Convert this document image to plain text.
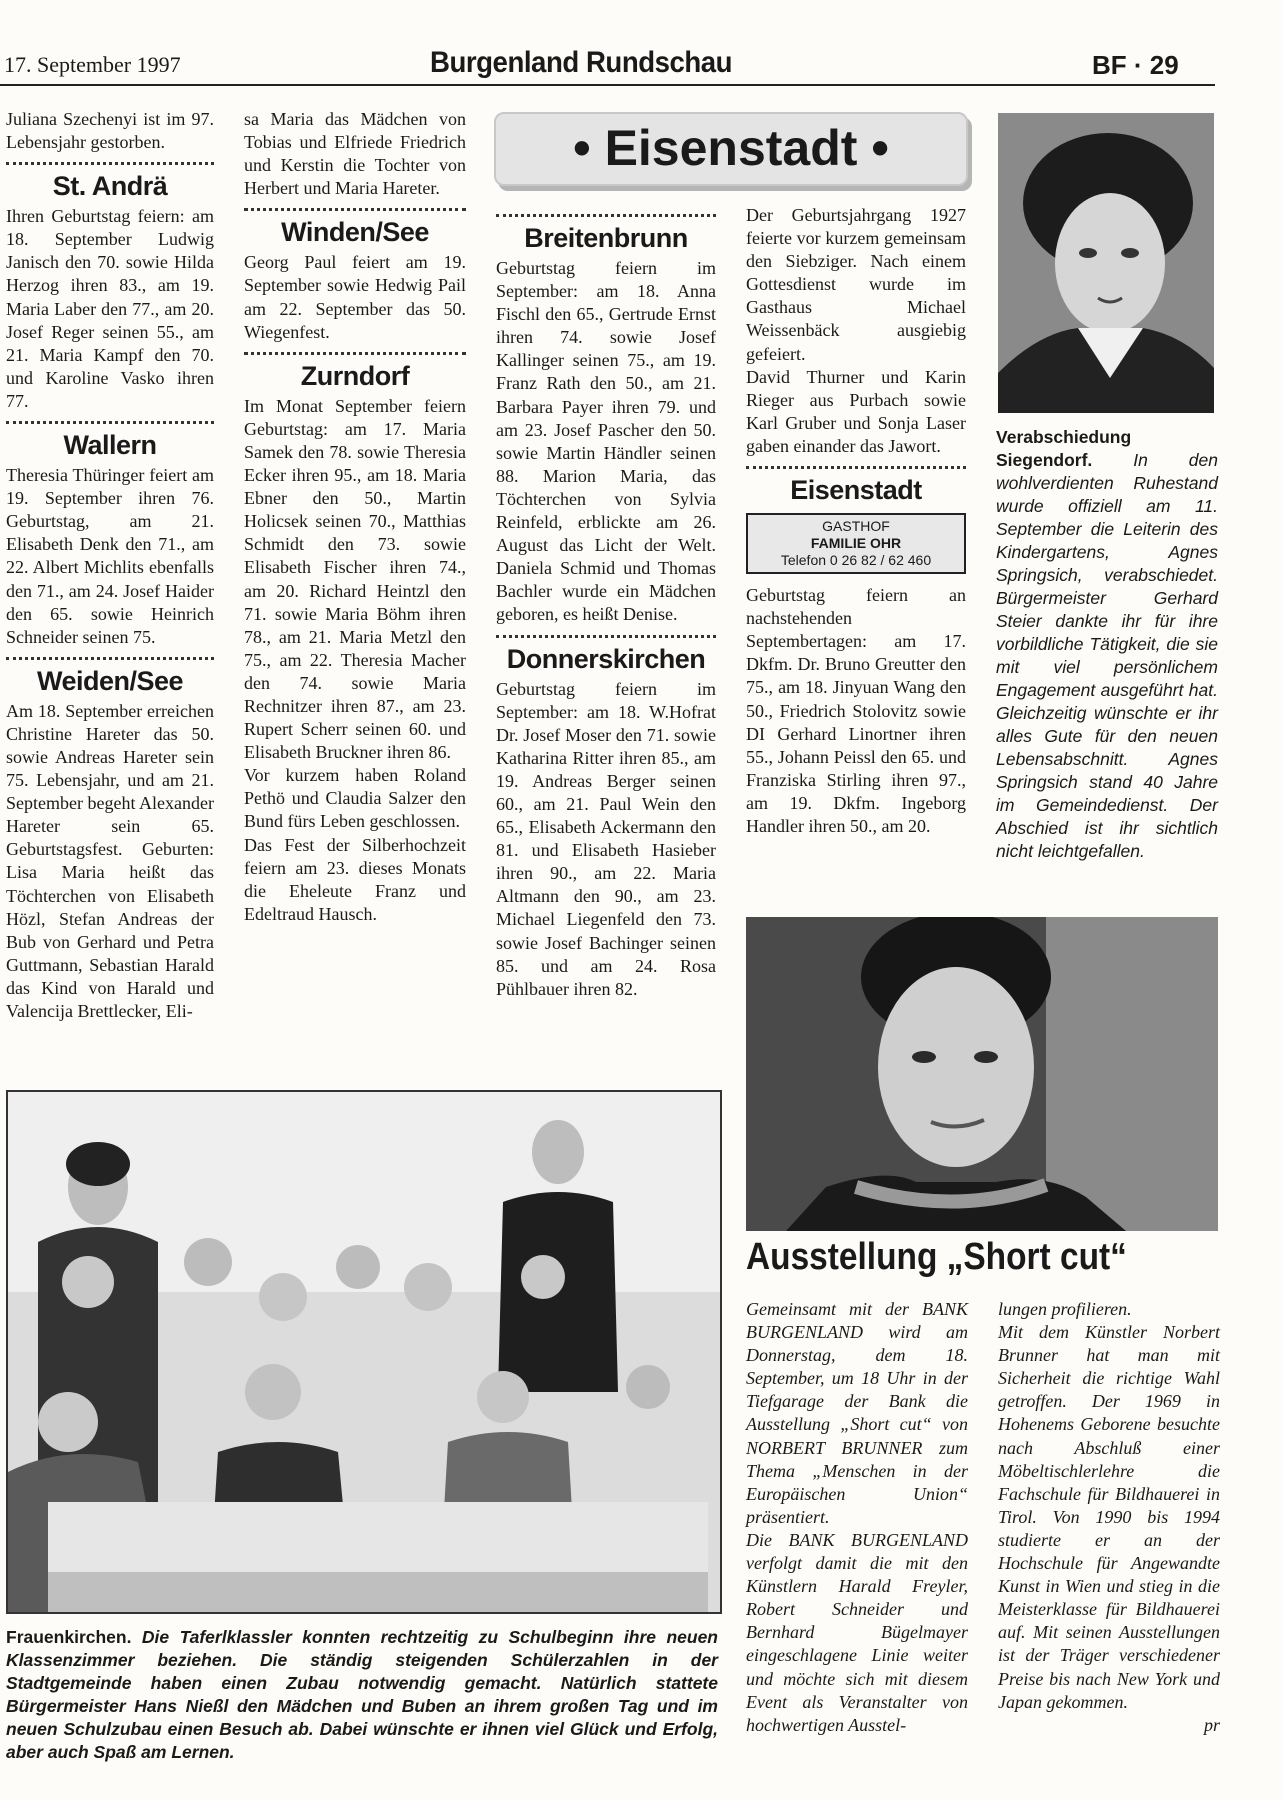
17. September 1997	Burgenland Rundschau	BF · 29
• Eisenstadt •

Juliana Szechenyi ist im 97. Lebensjahr gestorben.

St. Andrä

Ihren Geburtstag feiern: am 18. September Ludwig Janisch den 70. sowie Hilda Herzog ihren 83., am 19. Maria Laber den 77., am 20. Josef Reger seinen 55., am 21. Maria Kampf den 70. und Karoline Vasko ihren 77.

Wallern

Theresia Thüringer feiert am 19. September ihren 76. Geburtstag, am 21. Elisabeth Denk den 71., am 22. Albert Michlits ebenfalls den 71., am 24. Josef Haider den 65. sowie Heinrich Schneider seinen 75.

Weiden/See

Am 18. September erreichen Christine Hareter das 50. sowie Andreas Hareter sein 75. Lebensjahr, und am 21. September begeht Alexander Hareter sein 65. Geburtstagsfest. Geburten: Lisa Maria heißt das Töchterchen von Elisabeth Hözl, Stefan Andreas der Bub von Gerhard und Petra Guttmann, Sebastian Harald das Kind von Harald und Valencija Brettlecker, Eli-

sa Maria das Mädchen von Tobias und Elfriede Friedrich und Kerstin die Tochter von Herbert und Maria Hareter.

Winden/See

Georg Paul feiert am 19. September sowie Hedwig Pail am 22. September das 50. Wiegenfest.

Zurndorf

Im Monat September feiern Geburtstag: am 17. Maria Samek den 78. sowie Theresia Ecker ihren 95., am 18. Maria Ebner den 50., Martin Holicsek seinen 70., Matthias Schmidt den 73. sowie Elisabeth Fischer ihren 74., am 20. Richard Heintzl den 71. sowie Maria Böhm ihren 78., am 21. Maria Metzl den 75., am 22. Theresia Macher den 74. sowie Maria Rechnitzer ihren 87., am 23. Rupert Scherr seinen 60. und Elisabeth Bruckner ihren 86.

Vor kurzem haben Roland Pethö und Claudia Salzer den Bund fürs Leben geschlossen.

Das Fest der Silberhochzeit feiern am 23. dieses Monats die Eheleute Franz und Edeltraud Hausch.

Breitenbrunn

Geburtstag feiern im September: am 18. Anna Fischl den 65., Gertrude Ernst ihren 74. sowie Josef Kallinger seinen 75., am 19. Franz Rath den 50., am 21. Barbara Payer ihren 79. und am 23. Josef Pascher den 50. sowie Martin Händler seinen 88. Marion Maria, das Töchterchen von Sylvia Reinfeld, erblickte am 26. August das Licht der Welt. Daniela Schmid und Thomas Bachler wurde ein Mädchen geboren, es heißt Denise.

Donnerskirchen

Geburtstag feiern im September: am 18. W.Hofrat Dr. Josef Moser den 71. sowie Katharina Ritter ihren 85., am 19. Andreas Berger seinen 60., am 21. Paul Wein den 65., Elisabeth Ackermann den 81. und Elisabeth Hasieber ihren 90., am 22. Maria Altmann den 90., am 23. Michael Liegenfeld den 73. sowie Josef Bachinger seinen 85. und am 24. Rosa Pühlbauer ihren 82.

Der Geburtsjahrgang 1927 feierte vor kurzem gemeinsam den Siebziger. Nach einem Gottesdienst wurde im Gasthaus Michael Weissenbäck ausgiebig gefeiert.

David Thurner und Karin Rieger aus Purbach sowie Karl Gruber und Sonja Laser gaben einander das Jawort.

Eisenstadt
GASTHOF
FAMILIE OHR
Telefon 0 26 82 / 62 460

Geburtstag feiern an nachstehenden Septembertagen: am 17. Dkfm. Dr. Bruno Greutter den 75., am 18. Jinyuan Wang den 50., Friedrich Stolovitz sowie DI Gerhard Linortner ihren 55., Johann Peissl den 65. und Franziska Stirling ihren 97., am 19. Dkfm. Ingeborg Handler ihren 50., am 20.

Verabschiedung Siegendorf. In den wohlverdienten Ruhestand wurde offiziell am 11. September die Leiterin des Kindergartens, Agnes Springsich, verabschiedet. Bürgermeister Gerhard Steier dankte ihr für ihre vorbildliche Tätigkeit, die sie mit viel persönlichem Engagement ausgeführt hat. Gleichzeitig wünschte er ihr alles Gute für den neuen Lebensabschnitt. Agnes Springsich stand 40 Jahre im Gemeindedienst. Der Abschied ist ihr sichtlich nicht leichtgefallen.
Ausstellung „Short cut“

Gemeinsamt mit der BANK BURGENLAND wird am Donnerstag, dem 18. September, um 18 Uhr in der Tiefgarage der Bank die Ausstellung „Short cut“ von NORBERT BRUNNER zum Thema „Menschen in der Europäischen Union“ präsentiert.

Die BANK BURGENLAND verfolgt damit die mit den Künstlern Harald Freyler, Robert Schneider und Bernhard Bügelmayer eingeschlagene Linie weiter und möchte sich mit diesem Event als Veranstalter von hochwertigen Ausstel-

lungen profilieren.

Mit dem Künstler Norbert Brunner hat man mit Sicherheit die richtige Wahl getroffen. Der 1969 in Hohenems Geborene besuchte nach Abschluß einer Möbeltischlerlehre die Fachschule für Bildhauerei in Tirol. Von 1990 bis 1994 studierte er an der Hochschule für Angewandte Kunst in Wien und stieg in die Meisterklasse für Bildhauerei auf. Mit seinen Ausstellungen ist der Träger verschiedener Preise bis nach New York und Japan gekommen.

pr

Frauenkirchen. Die Taferlklassler konnten rechtzeitig zu Schulbeginn ihre neuen Klassenzimmer beziehen. Die ständig steigenden Schülerzahlen in der Stadtgemeinde haben einen Zubau notwendig gemacht. Natürlich stattete Bürgermeister Hans Nießl den Mädchen und Buben an ihrem großen Tag und im neuen Schulzubau einen Besuch ab. Dabei wünschte er ihnen viel Glück und Erfolg, aber auch Spaß am Lernen.
